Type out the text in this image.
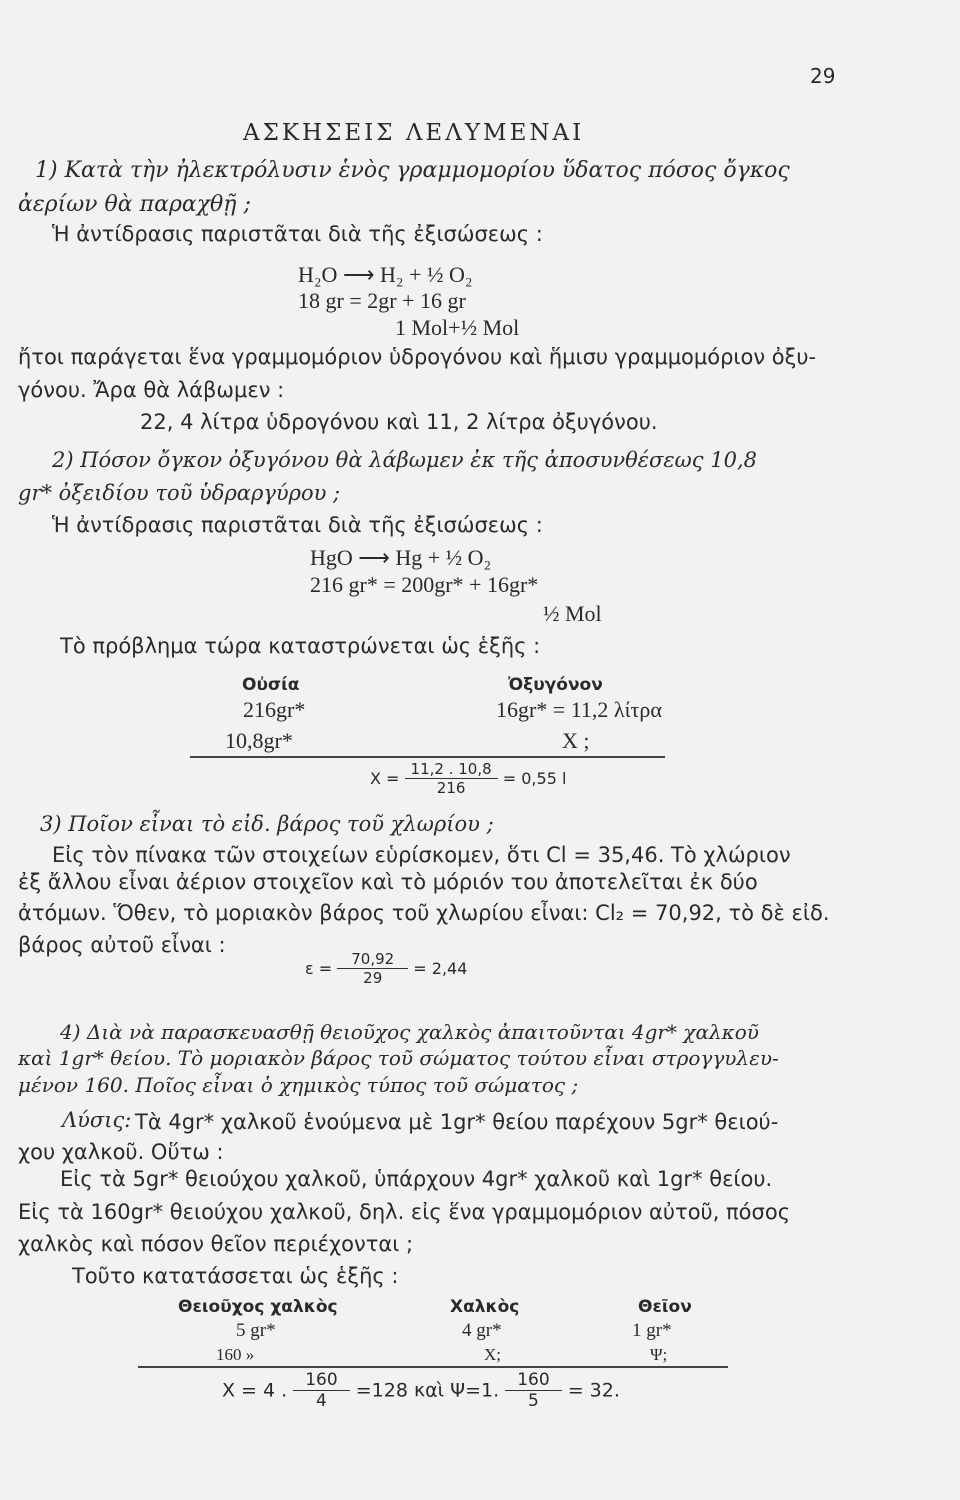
29
ΑΣΚΗΣΕΙΣ ΛΕΛΥΜΕΝΑΙ
1) Κατὰ τὴν ἠλεκτρόλυσιν ἑνὸς γραμμομορίου ὕδατος πόσος ὄγκος
ἀερίων θὰ παραχθῇ ;
Ἡ ἀντίδρασις παριστᾶται διὰ τῆς ἐξισώσεως :
H₂O ⟶ H₂ + ½ O₂
18 gr = 2gr + 16 gr
1 Mol+½ Mol
ἤτοι παράγεται ἕνα γραμμομόριον ὑδρογόνου καὶ ἥμισυ γραμμομόριον ὀξυ-
γόνου. Ἄρα θὰ λάβωμεν :
22, 4 λίτρα ὑδρογόνου καὶ 11, 2 λίτρα ὀξυγόνου.
2) Πόσον ὄγκον ὀξυγόνου θὰ λάβωμεν ἐκ τῆς ἀποσυνθέσεως 10,8
gr* ὀξειδίου τοῦ ὑδραργύρου ;
Ἡ ἀντίδρασις παριστᾶται διὰ τῆς ἐξισώσεως :
HgO ⟶ Hg + ½ O₂
216 gr* = 200gr* + 16gr*
½ Mol
Τὸ πρόβλημα τώρα καταστρώνεται ὡς ἑξῆς :
Οὐσία	Ὀξυγόνον
216gr*	16gr* = 11,2 λίτρα
10,8gr*	X ;
$X = \frac{11,2 . 10,8}{216} = 0,55$ l
3) Ποῖον εἶναι τὸ εἰδ. βάρος τοῦ χλωρίου ;
Εἰς τὸν πίνακα τῶν στοιχείων εὑρίσκομεν, ὅτι Cl = 35,46. Τὸ χλώριον
ἐξ ἄλλου εἶναι ἀέριον στοιχεῖον καὶ τὸ μόριόν του ἀποτελεῖται ἐκ δύο
ἀτόμων. Ὅθεν, τὸ μοριακὸν βάρος τοῦ χλωρίου εἶναι: Cl₂ = 70,92, τὸ δὲ εἰδ.
βάρος αὐτοῦ εἶναι :
$\varepsilon = \frac{70,92}{29} = 2,44$
4) Διὰ νὰ παρασκευασθῇ θειοῦχος χαλκὸς ἀπαιτοῦνται 4gr* χαλκοῦ
καὶ 1gr* θείου. Τὸ μοριακὸν βάρος τοῦ σώματος τούτου εἶναι στρογγυλευ-
μένον 160. Ποῖος εἶναι ὁ χημικὸς τύπος τοῦ σώματος ;
Λύσις: Τὰ 4gr* χαλκοῦ ἑνούμενα μὲ 1gr* θείου παρέχουν 5gr* θειού-
χου χαλκοῦ. Οὕτω :
Εἰς τὰ 5gr* θειούχου χαλκοῦ, ὑπάρχουν 4gr* χαλκοῦ καὶ 1gr* θείου.
Εἰς τὰ 160gr* θειούχου χαλκοῦ, δηλ. εἰς ἕνα γραμμομόριον αὐτοῦ, πόσος
χαλκὸς καὶ πόσον θεῖον περιέχονται ;
Τοῦτο κατατάσσεται ὡς ἑξῆς :
Θειοῦχος χαλκὸς	Χαλκὸς	Θεῖον
5 gr*	4 gr*	1 gr*
160 »	X;	Ψ;
X = 4 . $\frac{160}{4} =128$ καὶ Ψ=1. $\frac{160}{5} = 32$.
